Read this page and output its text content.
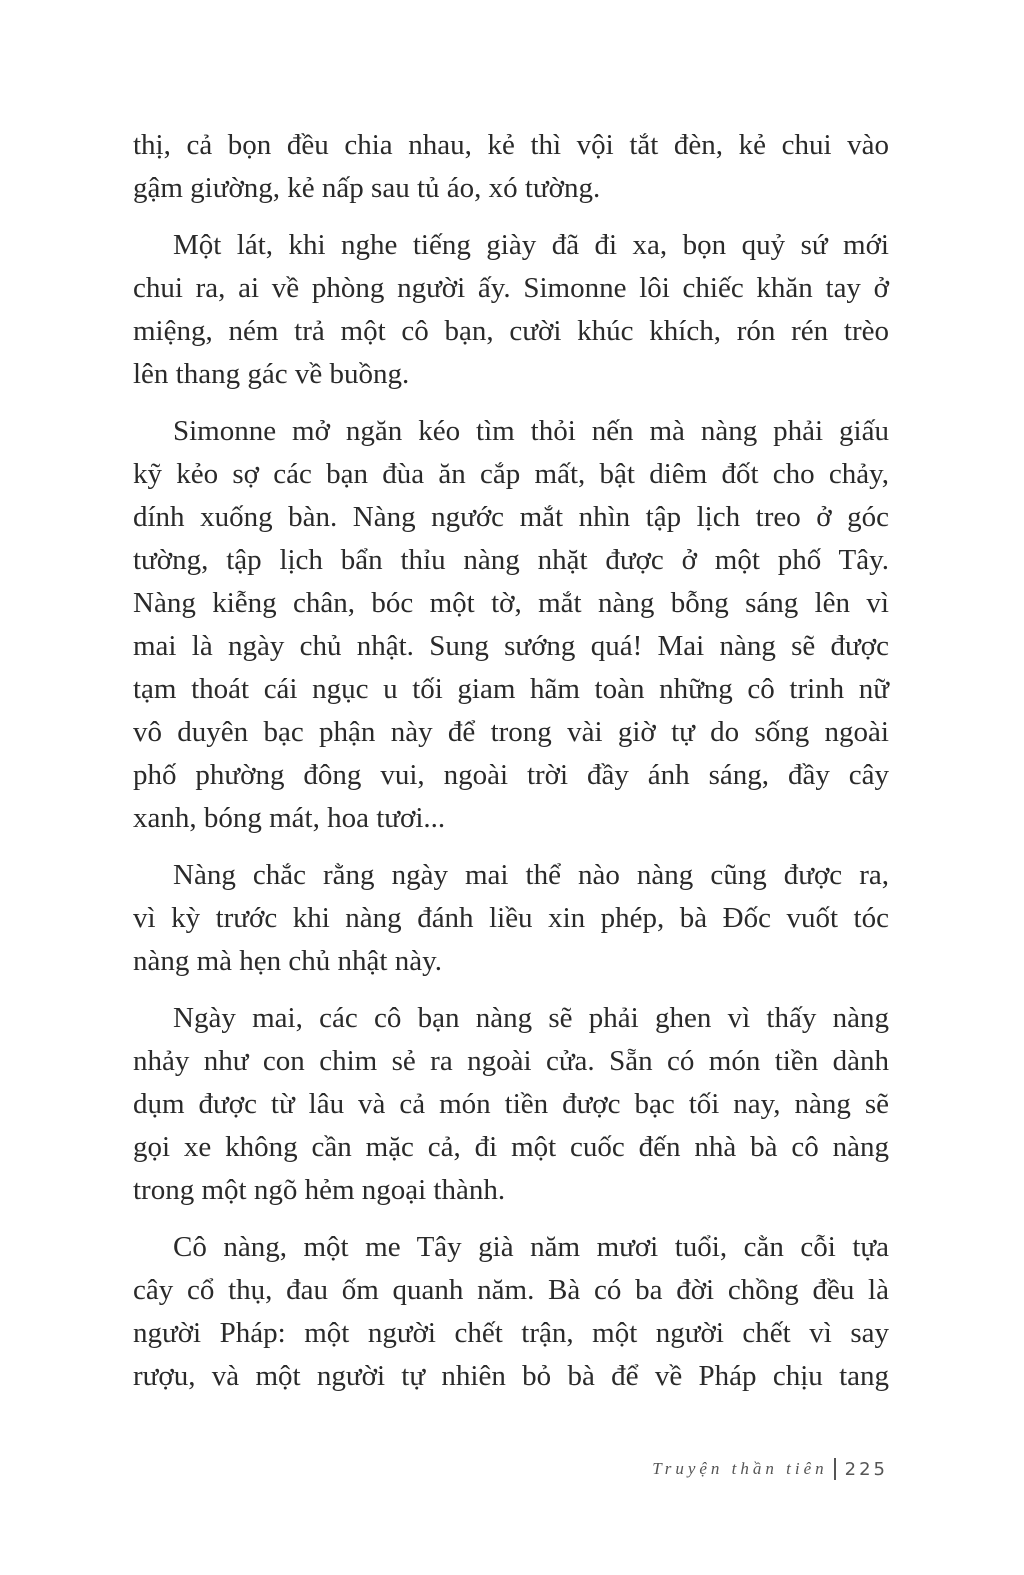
thị, cả bọn đều chia nhau, kẻ thì vội tắt đèn, kẻ chui vào
gậm giường, kẻ nấp sau tủ áo, xó tường.
Một lát, khi nghe tiếng giày đã đi xa, bọn quỷ sứ mới
chui ra, ai về phòng người ấy. Simonne lôi chiếc khăn tay ở
miệng, ném trả một cô bạn, cười khúc khích, rón rén trèo
lên thang gác về buồng.
Simonne mở ngăn kéo tìm thỏi nến mà nàng phải giấu
kỹ kẻo sợ các bạn đùa ăn cắp mất, bật diêm đốt cho chảy,
dính xuống bàn. Nàng ngước mắt nhìn tập lịch treo ở góc
tường, tập lịch bẩn thỉu nàng nhặt được ở một phố Tây.
Nàng kiễng chân, bóc một tờ, mắt nàng bỗng sáng lên vì
mai là ngày chủ nhật. Sung sướng quá! Mai nàng sẽ được
tạm thoát cái ngục u tối giam hãm toàn những cô trinh nữ
vô duyên bạc phận này để trong vài giờ tự do sống ngoài
phố phường đông vui, ngoài trời đầy ánh sáng, đầy cây
xanh, bóng mát, hoa tươi...
Nàng chắc rằng ngày mai thể nào nàng cũng được ra,
vì kỳ trước khi nàng đánh liều xin phép, bà Đốc vuốt tóc
nàng mà hẹn chủ nhật này.
Ngày mai, các cô bạn nàng sẽ phải ghen vì thấy nàng
nhảy như con chim sẻ ra ngoài cửa. Sẵn có món tiền dành
dụm được từ lâu và cả món tiền được bạc tối nay, nàng sẽ
gọi xe không cần mặc cả, đi một cuốc đến nhà bà cô nàng
trong một ngõ hẻm ngoại thành.
Cô nàng, một me Tây già năm mươi tuổi, cằn cỗi tựa
cây cổ thụ, đau ốm quanh năm. Bà có ba đời chồng đều là
người Pháp: một người chết trận, một người chết vì say
rượu, và một người tự nhiên bỏ bà để về Pháp chịu tang
Truyện thần tiên 225
